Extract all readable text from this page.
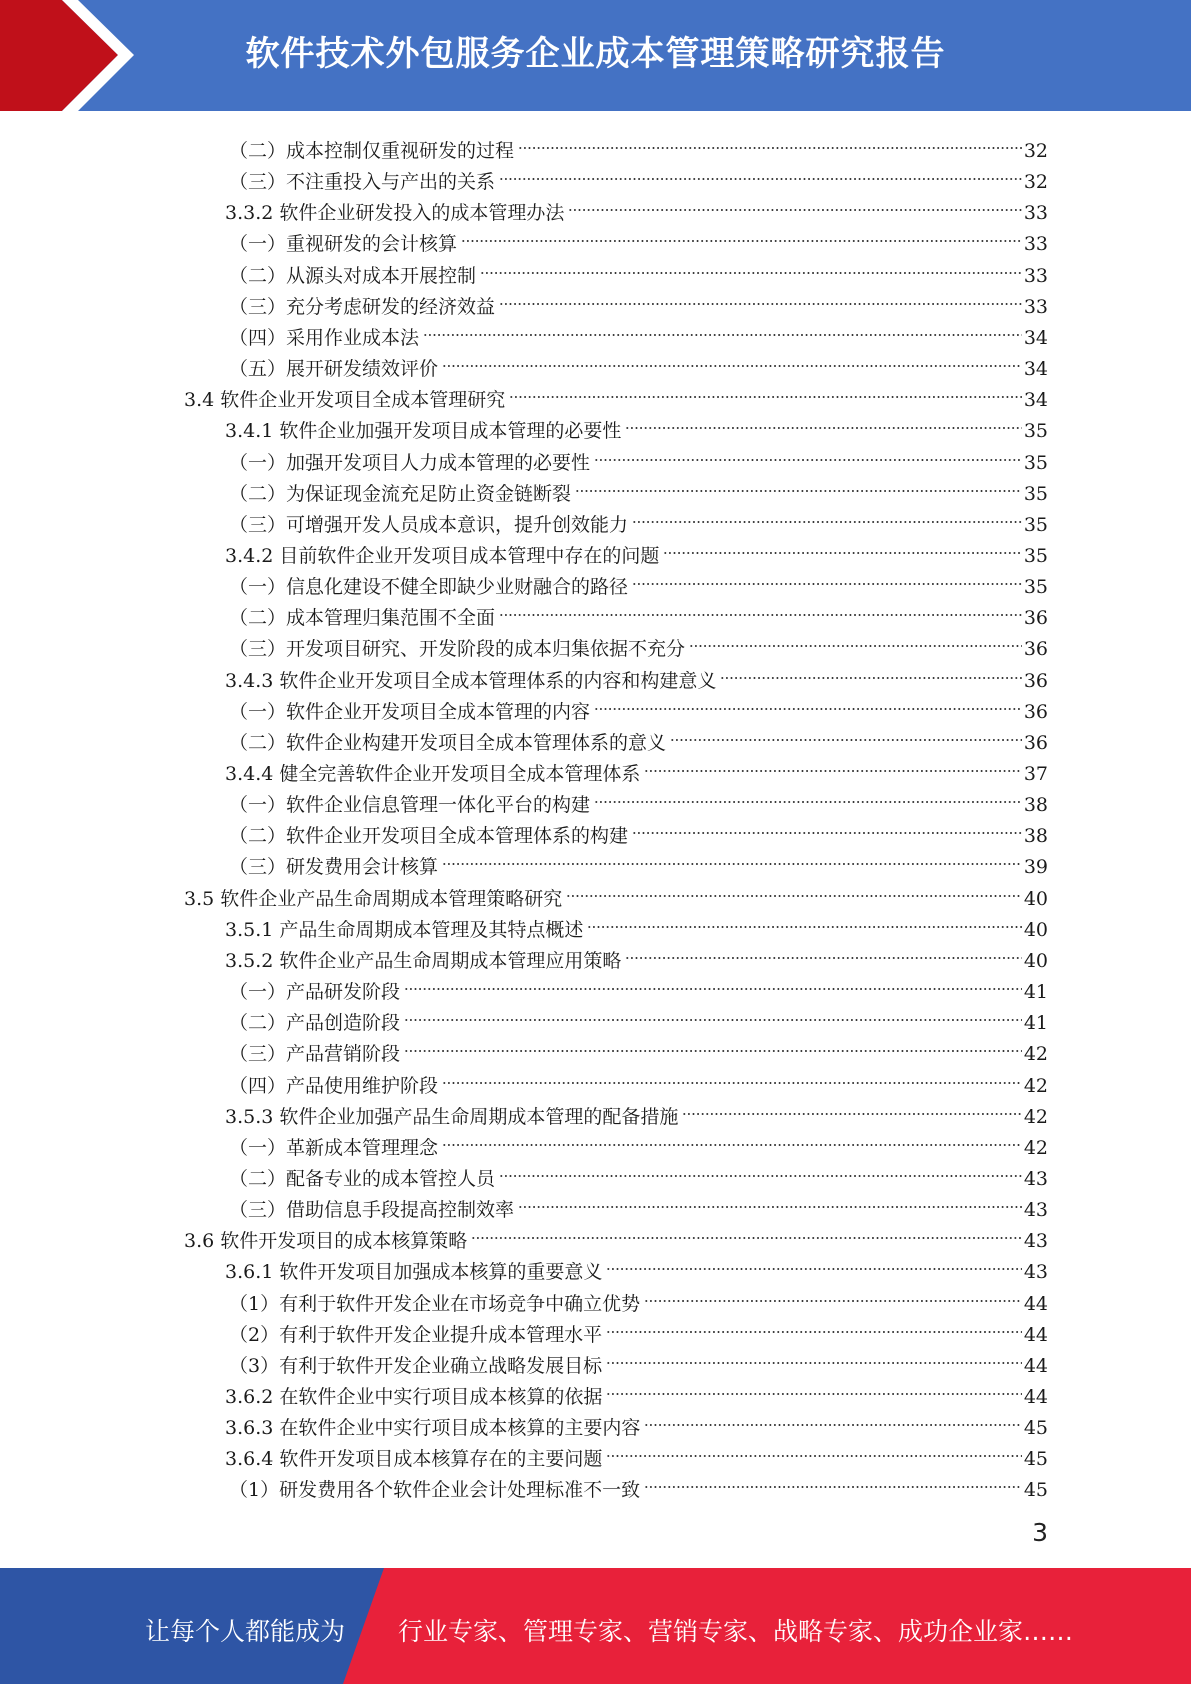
软件技术外包服务企业成本管理策略研究报告
（二）成本控制仅重视研发的过程	32
（三）不注重投入与产出的关系	32
3.3.2 软件企业研发投入的成本管理办法	33
（一）重视研发的会计核算	33
（二）从源头对成本开展控制	33
（三）充分考虑研发的经济效益	33
（四）采用作业成本法	34
（五）展开研发绩效评价	34
3.4 软件企业开发项目全成本管理研究	34
3.4.1 软件企业加强开发项目成本管理的必要性	35
（一）加强开发项目人力成本管理的必要性	35
（二）为保证现金流充足防止资金链断裂	35
（三）可增强开发人员成本意识，提升创效能力	35
3.4.2 目前软件企业开发项目成本管理中存在的问题	35
（一）信息化建设不健全即缺少业财融合的路径	35
（二）成本管理归集范围不全面	36
（三）开发项目研究、开发阶段的成本归集依据不充分	36
3.4.3 软件企业开发项目全成本管理体系的内容和构建意义	36
（一）软件企业开发项目全成本管理的内容	36
（二）软件企业构建开发项目全成本管理体系的意义	36
3.4.4 健全完善软件企业开发项目全成本管理体系	37
（一）软件企业信息管理一体化平台的构建	38
（二）软件企业开发项目全成本管理体系的构建	38
（三）研发费用会计核算	39
3.5 软件企业产品生命周期成本管理策略研究	40
3.5.1 产品生命周期成本管理及其特点概述	40
3.5.2 软件企业产品生命周期成本管理应用策略	40
（一）产品研发阶段	41
（二）产品创造阶段	41
（三）产品营销阶段	42
（四）产品使用维护阶段	42
3.5.3 软件企业加强产品生命周期成本管理的配备措施	42
（一）革新成本管理理念	42
（二）配备专业的成本管控人员	43
（三）借助信息手段提高控制效率	43
3.6 软件开发项目的成本核算策略	43
3.6.1 软件开发项目加强成本核算的重要意义	43
（1）有利于软件开发企业在市场竞争中确立优势	44
（2）有利于软件开发企业提升成本管理水平	44
（3）有利于软件开发企业确立战略发展目标	44
3.6.2 在软件企业中实行项目成本核算的依据	44
3.6.3 在软件企业中实行项目成本核算的主要内容	45
3.6.4 软件开发项目成本核算存在的主要问题	45
（1）研发费用各个软件企业会计处理标准不一致	45
3
让每个人都能成为 行业专家、管理专家、营销专家、战略专家、成功企业家……
